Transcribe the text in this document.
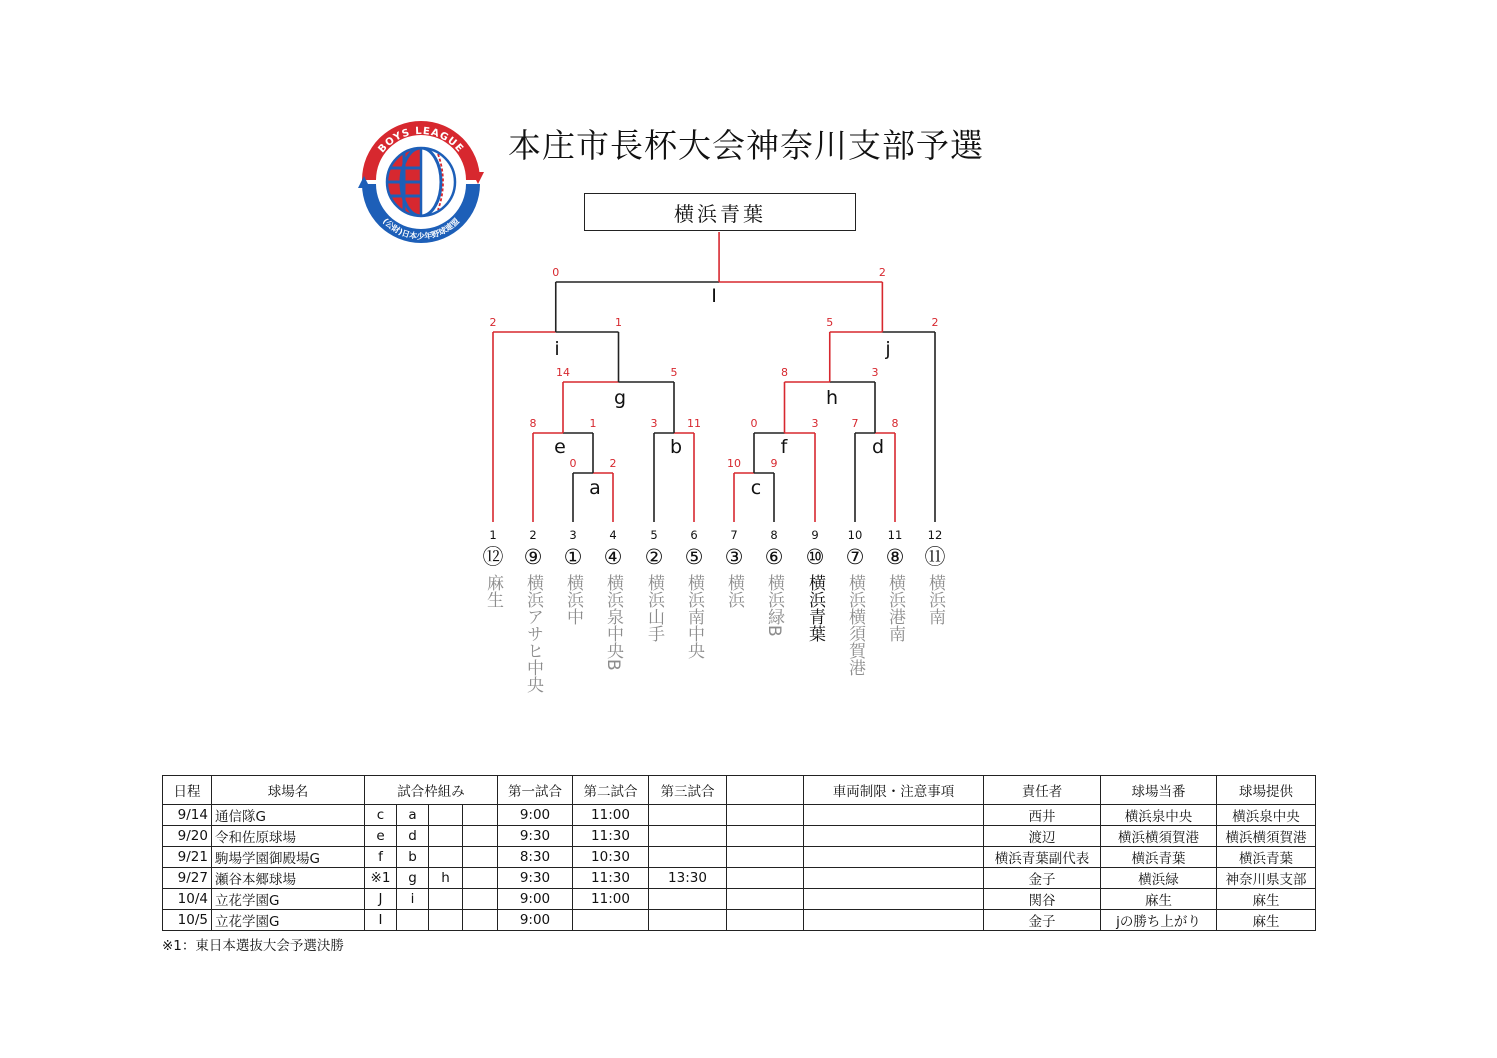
BOYS LEAGUE
(公財)日本少年野球連盟
本庄市長杯大会神奈川支部予選
横浜青葉
0	2
a
3	11
b
10	9
c
7	8
d
8	1
e
0	3
f
14	5
g
8	3
h
2	1
i
5	2
j
0	2
I
1
⑫
麻生
2
⑨
横浜アサヒ中央
3
①
横浜中
4
④
横浜泉中央B
5
②
横浜山手
6
⑤
横浜南中央
7
③
横浜
8
⑥
横浜緑B
9
⑩
横浜青葉
10
⑦
横浜横須賀港
11
⑧
横浜港南
12
⑪
横浜南
日程	球場名	試合枠組み				第一試合	第二試合	第三試合		車両制限・注意事項	責任者	球場当番	球場提供
9/14	通信隊G	c	a			9:00	11:00				西井	横浜泉中央	横浜泉中央
9/20	令和佐原球場	e	d			9:30	11:30				渡辺	横浜横須賀港	横浜横須賀港
9/21	駒場学園御殿場G	f	b			8:30	10:30				横浜青葉副代表	横浜青葉	横浜青葉
9/27	瀬谷本郷球場	※1	g	h		9:30	11:30	13:30			金子	横浜緑	神奈川県支部
10/4	立花学園G	J	i			9:00	11:00				関谷	麻生	麻生
10/5	立花学園G	I				9:00					金子	jの勝ち上がり	麻生
※1：東日本選抜大会予選決勝
